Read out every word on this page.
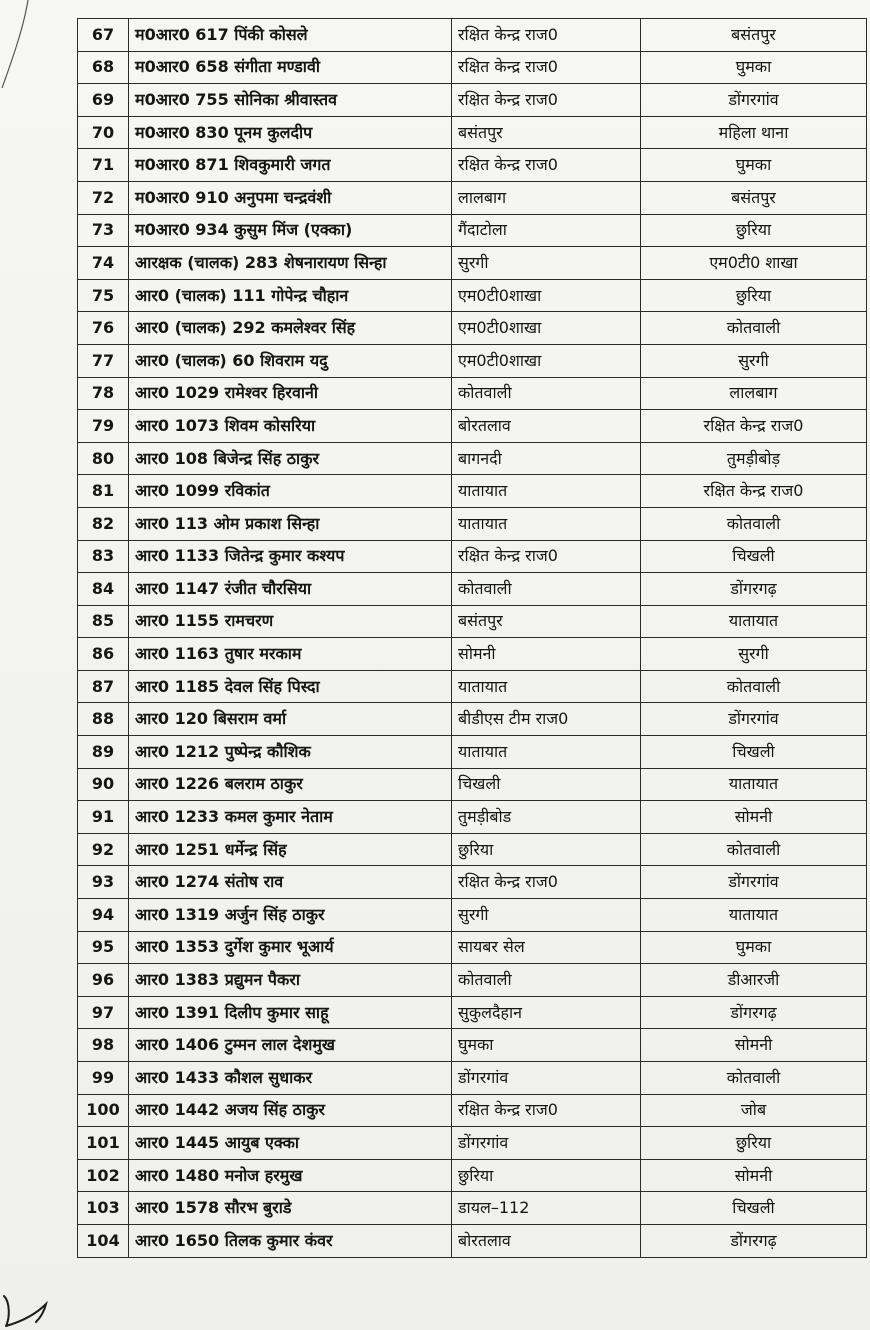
67	म0आर0 617 पिंकी कोसले	रक्षित केन्द्र राज0	बसंतपुर
68	म0आर0 658 संगीता मण्डावी	रक्षित केन्द्र राज0	घुमका
69	म0आर0 755 सोनिका श्रीवास्तव	रक्षित केन्द्र राज0	डोंगरगांव
70	म0आर0 830 पूनम कुलदीप	बसंतपुर	महिला थाना
71	म0आर0 871 शिवकुमारी जगत	रक्षित केन्द्र राज0	घुमका
72	म0आर0 910 अनुपमा चन्द्रवंशी	लालबाग	बसंतपुर
73	म0आर0 934 कुसुम मिंज (एक्का)	गैंदाटोला	छुरिया
74	आरक्षक (चालक) 283 शेषनारायण सिन्हा	सुरगी	एम0टी0 शाखा
75	आर0 (चालक) 111 गोपेन्द्र चौहान	एम0टी0शाखा	छुरिया
76	आर0 (चालक) 292 कमलेश्वर सिंह	एम0टी0शाखा	कोतवाली
77	आर0 (चालक) 60 शिवराम यदु	एम0टी0शाखा	सुरगी
78	आर0 1029 रामेश्वर हिरवानी	कोतवाली	लालबाग
79	आर0 1073 शिवम कोसरिया	बोरतलाव	रक्षित केन्द्र राज0
80	आर0 108 बिजेन्द्र सिंह ठाकुर	बागनदी	तुमड़ीबोड़
81	आर0 1099 रविकांत	यातायात	रक्षित केन्द्र राज0
82	आर0 113 ओम प्रकाश सिन्हा	यातायात	कोतवाली
83	आर0 1133 जितेन्द्र कुमार कश्यप	रक्षित केन्द्र राज0	चिखली
84	आर0 1147 रंजीत चौरसिया	कोतवाली	डोंगरगढ़
85	आर0 1155 रामचरण	बसंतपुर	यातायात
86	आर0 1163 तुषार मरकाम	सोमनी	सुरगी
87	आर0 1185 देवल सिंह पिस्दा	यातायात	कोतवाली
88	आर0 120 बिसराम वर्मा	बीडीएस टीम राज0	डोंगरगांव
89	आर0 1212 पुष्पेन्द्र कौशिक	यातायात	चिखली
90	आर0 1226 बलराम ठाकुर	चिखली	यातायात
91	आर0 1233 कमल कुमार नेताम	तुमड़ीबोड	सोमनी
92	आर0 1251 धर्मेन्द्र सिंह	छुरिया	कोतवाली
93	आर0 1274 संतोष राव	रक्षित केन्द्र राज0	डोंगरगांव
94	आर0 1319 अर्जुन सिंह ठाकुर	सुरगी	यातायात
95	आर0 1353 दुर्गेश कुमार भूआर्य	सायबर सेल	घुमका
96	आर0 1383 प्रद्युमन पैकरा	कोतवाली	डीआरजी
97	आर0 1391 दिलीप कुमार साहू	सुकुलदैहान	डोंगरगढ़
98	आर0 1406 टुम्मन लाल देशमुख	घुमका	सोमनी
99	आर0 1433 कौशल सुधाकर	डोंगरगांव	कोतवाली
100	आर0 1442 अजय सिंह ठाकुर	रक्षित केन्द्र राज0	जोब
101	आर0 1445 आयुब एक्का	डोंगरगांव	छुरिया
102	आर0 1480 मनोज हरमुख	छुरिया	सोमनी
103	आर0 1578 सौरभ बुराडे	डायल–112	चिखली
104	आर0 1650 तिलक कुमार कंवर	बोरतलाव	डोंगरगढ़
